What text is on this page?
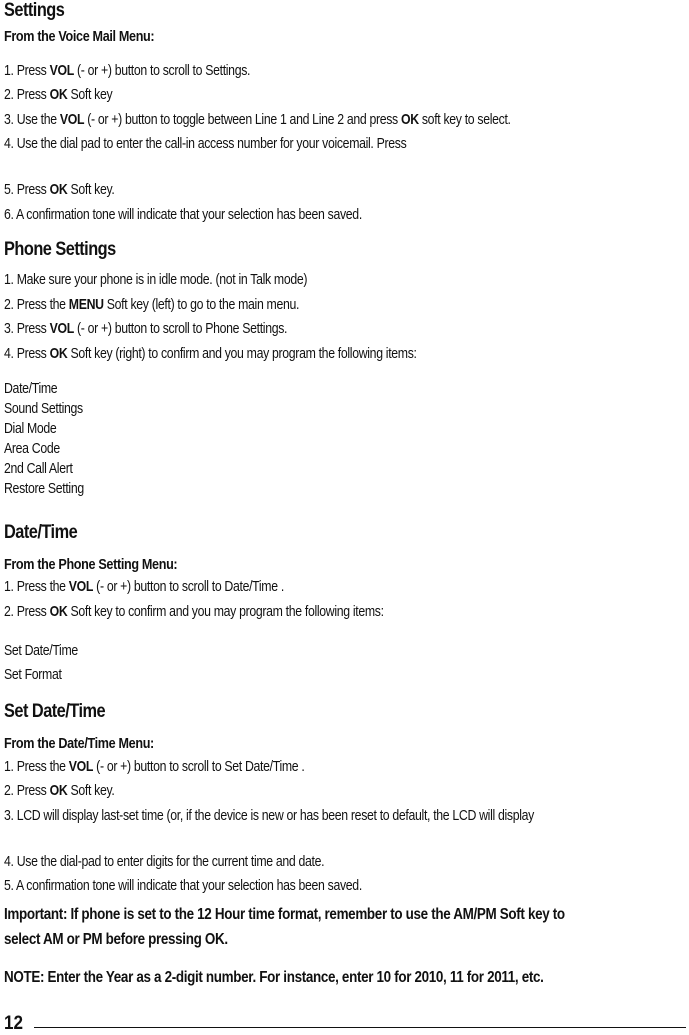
Settings
From the Voice Mail Menu:
1. Press VOL (- or +) button to scroll to Settings.
2. Press OK Soft key
3. Use the VOL (- or +) button to toggle between Line 1 and Line 2 and press OK soft key to select.
4. Use the dial pad to enter the call-in access number for your voicemail. Press
5. Press OK Soft key.
6. A confirmation tone will indicate that your selection has been saved.
Phone Settings
1. Make sure your phone is in idle mode. (not in Talk mode)
2. Press the MENU Soft key (left) to go to the main menu.
3. Press VOL (- or +) button to scroll to Phone Settings.
4. Press OK Soft key (right) to confirm and you may program the following items:
Date/Time
Sound Settings
Dial Mode
Area Code
2nd Call Alert
Restore Setting
Date/Time
From the Phone Setting Menu:
1. Press the VOL (- or +) button to scroll to Date/Time .
2. Press OK Soft key to confirm and you may program the following items:
Set Date/Time
Set Format
Set Date/Time
From the Date/Time Menu:
1. Press the VOL (- or +) button to scroll to Set Date/Time .
2. Press OK Soft key.
3. LCD will display last-set time (or, if the device is new or has been reset to default, the LCD will display
4. Use the dial-pad to enter digits for the current time and date.
5. A confirmation tone will indicate that your selection has been saved.
Important: If phone is set to the 12 Hour time format, remember to use the AM/PM Soft key to
select AM or PM before pressing OK.
NOTE: Enter the Year as a 2-digit number. For instance, enter 10 for 2010, 11 for 2011, etc.
12
